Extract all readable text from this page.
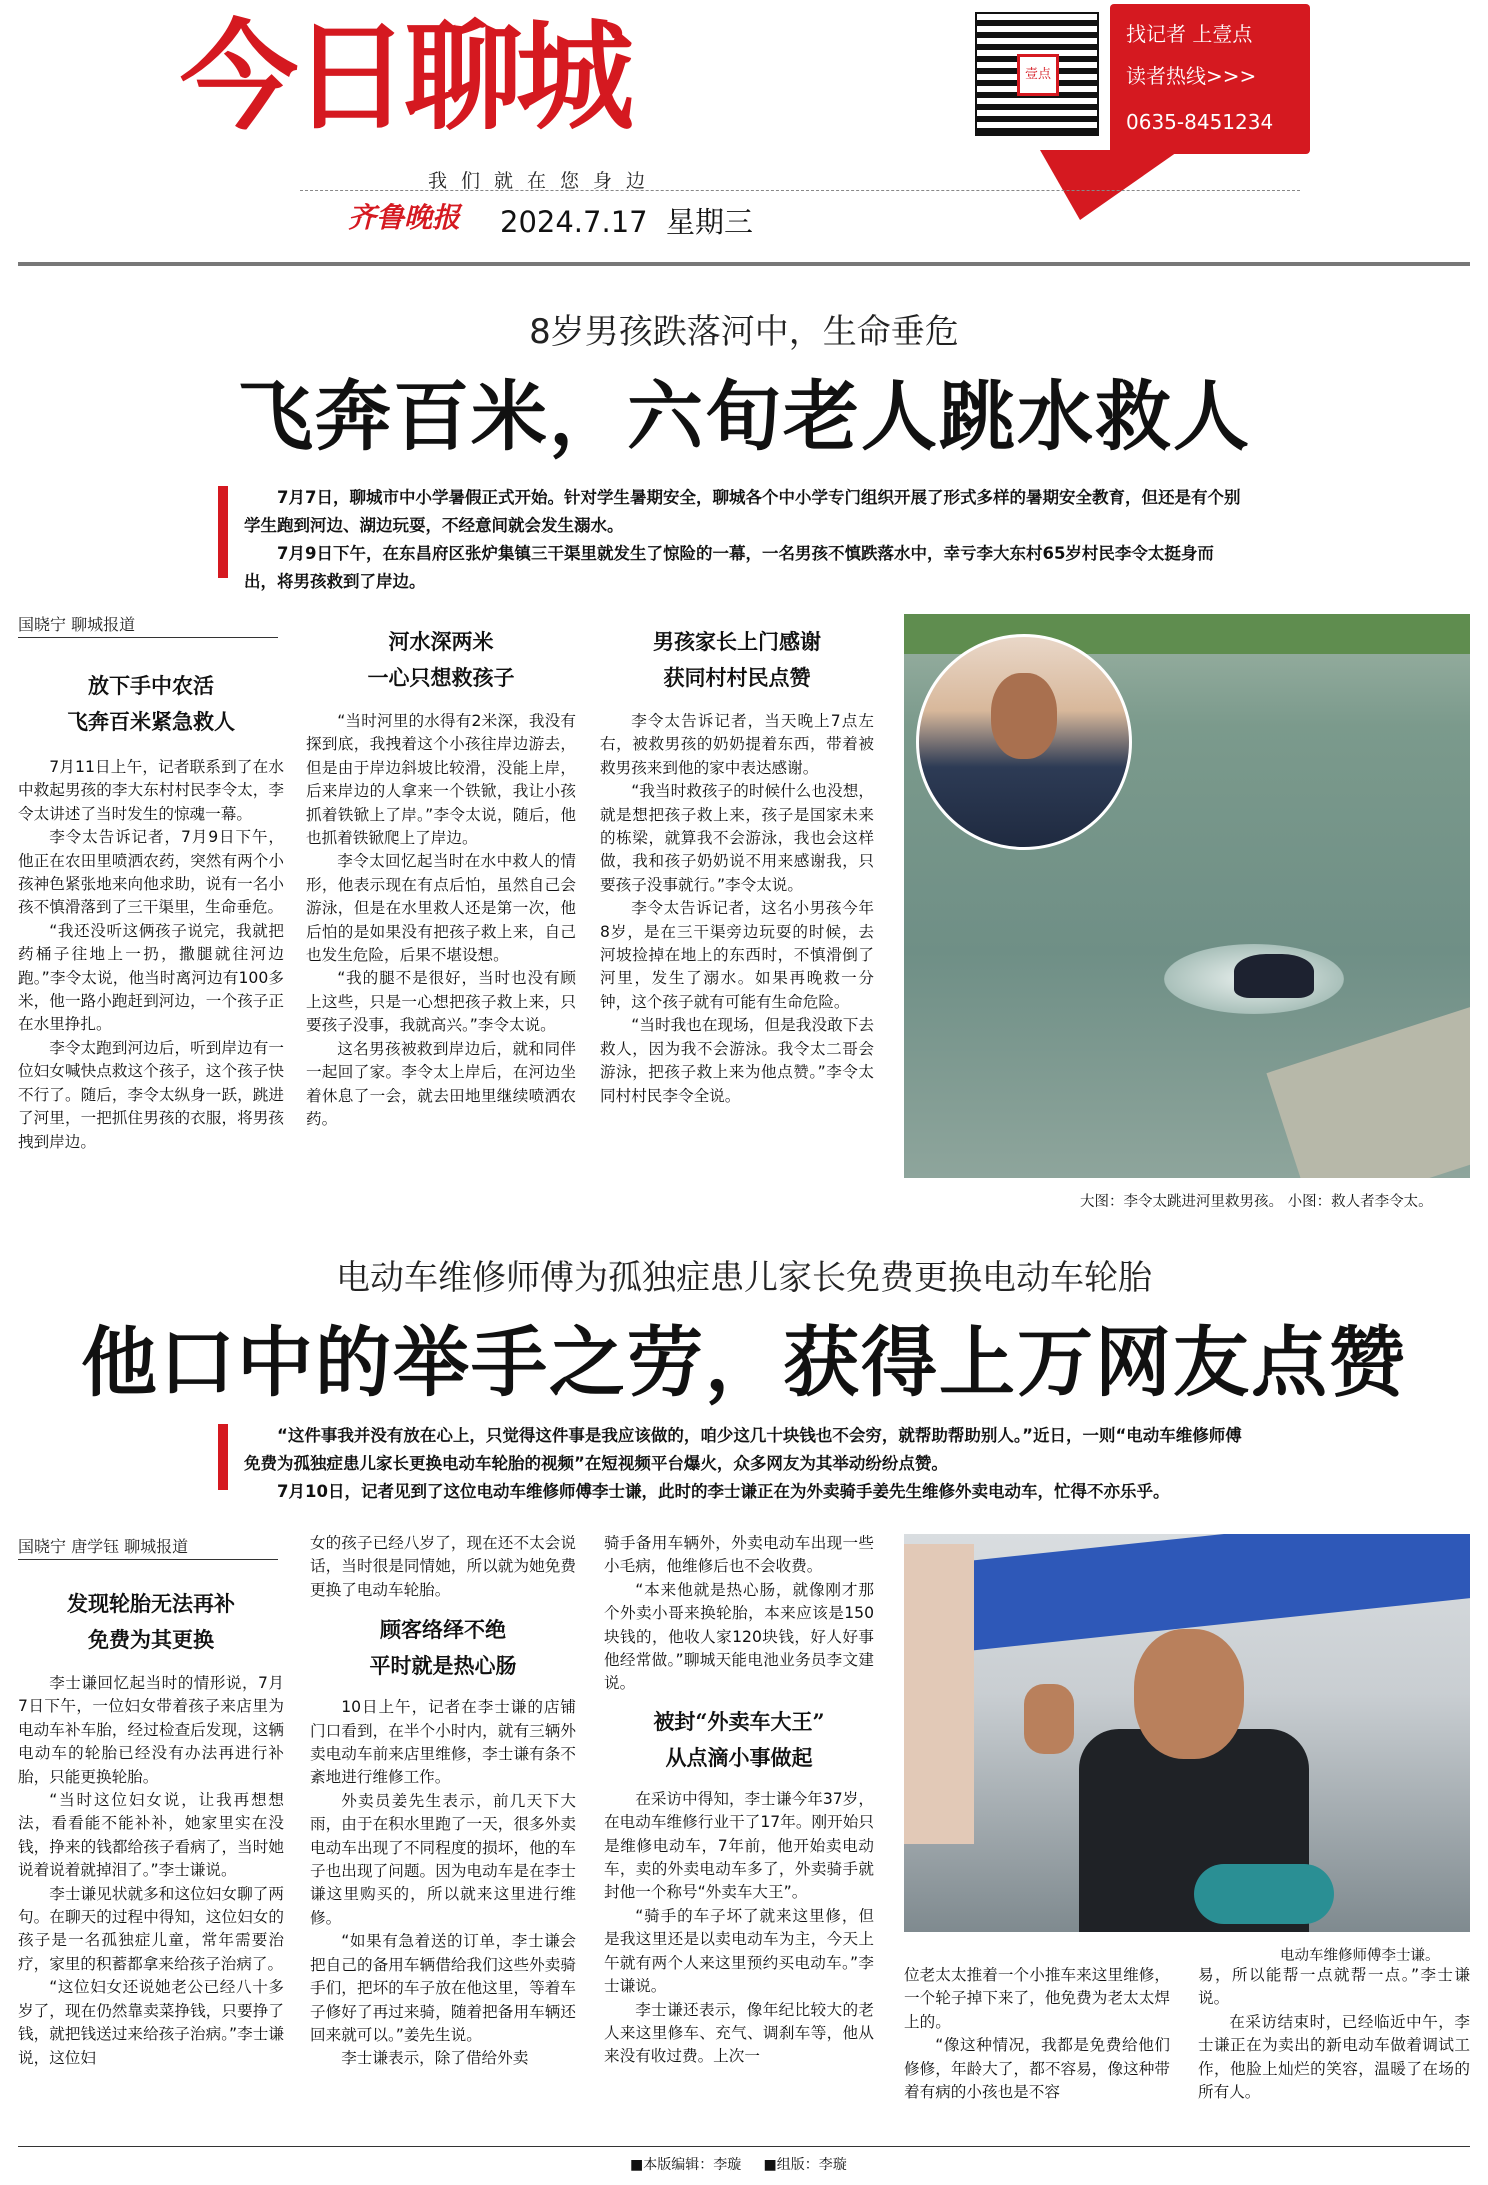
今日聊城	壹点
找记者 上壹点
读者热线>>>
0635-8451234
我们就在您身边
齐鲁晚报 2024.7.17 星期三
8岁男孩跌落河中，生命垂危
飞奔百米，六旬老人跳水救人

7月7日，聊城市中小学暑假正式开始。针对学生暑期安全，聊城各个中小学专门组织开展了形式多样的暑期安全教育，但还是有个别学生跑到河边、湖边玩耍，不经意间就会发生溺水。

7月9日下午，在东昌府区张炉集镇三干渠里就发生了惊险的一幕，一名男孩不慎跌落水中，幸亏李大东村65岁村民李令太挺身而出，将男孩救到了岸边。

国晓宁 聊城报道
放下手中农活
飞奔百米紧急救人

7月11日上午，记者联系到了在水中救起男孩的李大东村村民李令太，李令太讲述了当时发生的惊魂一幕。

李令太告诉记者，7月9日下午，他正在农田里喷洒农药，突然有两个小孩神色紧张地来向他求助，说有一名小孩不慎滑落到了三干渠里，生命垂危。

“我还没听这俩孩子说完，我就把药桶子往地上一扔，撒腿就往河边跑。”李令太说，他当时离河边有100多米，他一路小跑赶到河边，一个孩子正在水里挣扎。

李令太跑到河边后，听到岸边有一位妇女喊快点救这个孩子，这个孩子快不行了。随后，李令太纵身一跃，跳进了河里，一把抓住男孩的衣服，将男孩拽到岸边。

河水深两米
一心只想救孩子

“当时河里的水得有2米深，我没有探到底，我拽着这个小孩往岸边游去，但是由于岸边斜坡比较滑，没能上岸，后来岸边的人拿来一个铁锨，我让小孩抓着铁锨上了岸。”李令太说，随后，他也抓着铁锨爬上了岸边。

李令太回忆起当时在水中救人的情形，他表示现在有点后怕，虽然自己会游泳，但是在水里救人还是第一次，他后怕的是如果没有把孩子救上来，自己也发生危险，后果不堪设想。

“我的腿不是很好，当时也没有顾上这些，只是一心想把孩子救上来，只要孩子没事，我就高兴。”李令太说。

这名男孩被救到岸边后，就和同伴一起回了家。李令太上岸后，在河边坐着休息了一会，就去田地里继续喷洒农药。

男孩家长上门感谢
获同村村民点赞

李令太告诉记者，当天晚上7点左右，被救男孩的奶奶提着东西，带着被救男孩来到他的家中表达感谢。

“我当时救孩子的时候什么也没想，就是想把孩子救上来，孩子是国家未来的栋梁，就算我不会游泳，我也会这样做，我和孩子奶奶说不用来感谢我，只要孩子没事就行。”李令太说。

李令太告诉记者，这名小男孩今年8岁，是在三干渠旁边玩耍的时候，去河坡捡掉在地上的东西时，不慎滑倒了河里，发生了溺水。如果再晚救一分钟，这个孩子就有可能有生命危险。

“当时我也在现场，但是我没敢下去救人，因为我不会游泳。我令太二哥会游泳，把孩子救上来为他点赞。”李令太同村村民李令全说。

大图：李令太跳进河里救男孩。 小图：救人者李令太。
电动车维修师傅为孤独症患儿家长免费更换电动车轮胎
他口中的举手之劳，获得上万网友点赞

“这件事我并没有放在心上，只觉得这件事是我应该做的，咱少这几十块钱也不会穷，就帮助帮助别人。”近日，一则“电动车维修师傅免费为孤独症患儿家长更换电动车轮胎的视频”在短视频平台爆火，众多网友为其举动纷纷点赞。

7月10日，记者见到了这位电动车维修师傅李士谦，此时的李士谦正在为外卖骑手姜先生维修外卖电动车，忙得不亦乐乎。

国晓宁 唐学钰 聊城报道
发现轮胎无法再补
免费为其更换

李士谦回忆起当时的情形说，7月7日下午，一位妇女带着孩子来店里为电动车补车胎，经过检查后发现，这辆电动车的轮胎已经没有办法再进行补胎，只能更换轮胎。

“当时这位妇女说，让我再想想法，看看能不能补补，她家里实在没钱，挣来的钱都给孩子看病了，当时她说着说着就掉泪了。”李士谦说。

李士谦见状就多和这位妇女聊了两句。在聊天的过程中得知，这位妇女的孩子是一名孤独症儿童，常年需要治疗，家里的积蓄都拿来给孩子治病了。

“这位妇女还说她老公已经八十多岁了，现在仍然靠卖菜挣钱，只要挣了钱，就把钱送过来给孩子治病。”李士谦说，这位妇

女的孩子已经八岁了，现在还不太会说话，当时很是同情她，所以就为她免费更换了电动车轮胎。

顾客络绎不绝
平时就是热心肠

10日上午，记者在李士谦的店铺门口看到，在半个小时内，就有三辆外卖电动车前来店里维修，李士谦有条不紊地进行维修工作。

外卖员姜先生表示，前几天下大雨，由于在积水里跑了一天，很多外卖电动车出现了不同程度的损坏，他的车子也出现了问题。因为电动车是在李士谦这里购买的，所以就来这里进行维修。

“如果有急着送的订单，李士谦会把自己的备用车辆借给我们这些外卖骑手们，把坏的车子放在他这里，等着车子修好了再过来骑，随着把备用车辆还回来就可以。”姜先生说。

李士谦表示，除了借给外卖

骑手备用车辆外，外卖电动车出现一些小毛病，他维修后也不会收费。

“本来他就是热心肠，就像刚才那个外卖小哥来换轮胎，本来应该是150块钱的，他收人家120块钱，好人好事他经常做。”聊城天能电池业务员李文建说。

被封“外卖车大王”
从点滴小事做起

在采访中得知，李士谦今年37岁，在电动车维修行业干了17年。刚开始只是维修电动车，7年前，他开始卖电动车，卖的外卖电动车多了，外卖骑手就封他一个称号“外卖车大王”。

“骑手的车子坏了就来这里修，但是我这里还是以卖电动车为主，今天上午就有两个人来这里预约买电动车。”李士谦说。

李士谦还表示，像年纪比较大的老人来这里修车、充气、调刹车等，他从来没有收过费。上次一

电动车维修师傅李士谦。

位老太太推着一个小推车来这里维修，一个轮子掉下来了，他免费为老太太焊上的。

“像这种情况，我都是免费给他们修修，年龄大了，都不容易，像这种带着有病的小孩也是不容

易，所以能帮一点就帮一点。”李士谦说。

在采访结束时，已经临近中午，李士谦正在为卖出的新电动车做着调试工作，他脸上灿烂的笑容，温暖了在场的所有人。

■本版编辑：李璇 ■组版：李璇
